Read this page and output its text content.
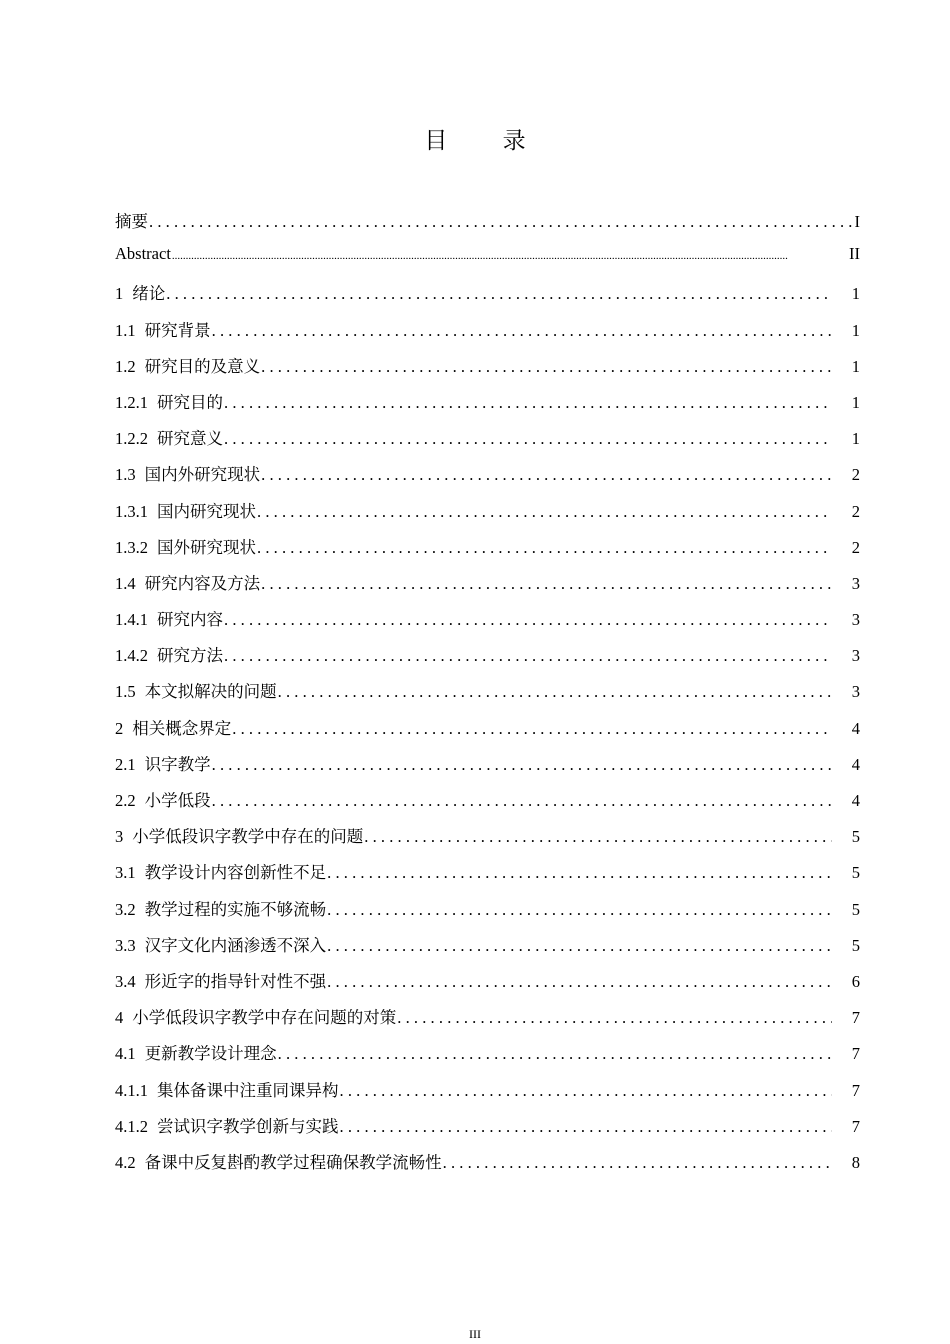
目 录
摘要 .....	I
Abstract .....	II
1 绪论 .....	1
1.1 研究背景 .....	1
1.2 研究目的及意义 .....	1
1.2.1 研究目的 .....	1
1.2.2 研究意义 .....	1
1.3 国内外研究现状 .....	2
1.3.1 国内研究现状 .....	2
1.3.2 国外研究现状 .....	2
1.4 研究内容及方法 .....	3
1.4.1 研究内容 .....	3
1.4.2 研究方法 .....	3
1.5 本文拟解决的问题 .....	3
2 相关概念界定 .....	4
2.1 识字教学 .....	4
2.2 小学低段 .....	4
3 小学低段识字教学中存在的问题 .....	5
3.1 教学设计内容创新性不足 .....	5
3.2 教学过程的实施不够流畅 .....	5
3.3 汉字文化内涵渗透不深入 .....	5
3.4 形近字的指导针对性不强 .....	6
4 小学低段识字教学中存在问题的对策 .....	7
4.1 更新教学设计理念 .....	7
4.1.1 集体备课中注重同课异构 .....	7
4.1.2 尝试识字教学创新与实践 .....	7
4.2 备课中反复斟酌教学过程确保教学流畅性 .....	8
III
